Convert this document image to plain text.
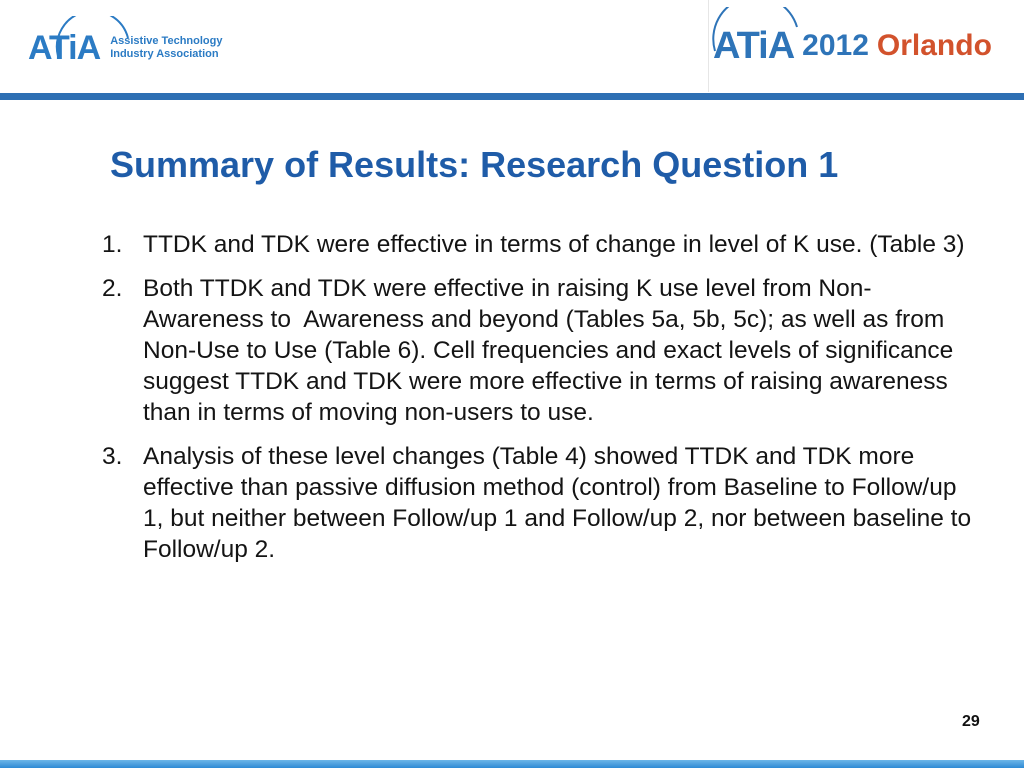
ATiA Assistive Technology
Industry Association	ATiA 2012 Orlando
Summary of Results: Research Question 1
1. TTDK and TDK were effective in terms of change in level of K use. (Table 3)
2. Both TTDK and TDK were effective in raising K use level from Non-Awareness to  Awareness and beyond (Tables 5a, 5b, 5c); as well as from Non-Use to Use (Table 6). Cell frequencies and exact levels of significance suggest TTDK and TDK were more effective in terms of raising awareness than in terms of moving non-users to use.
3. Analysis of these level changes (Table 4) showed TTDK and TDK more effective than passive diffusion method (control) from Baseline to Follow/up 1, but neither between Follow/up 1 and Follow/up 2, nor between baseline to Follow/up 2.
29
